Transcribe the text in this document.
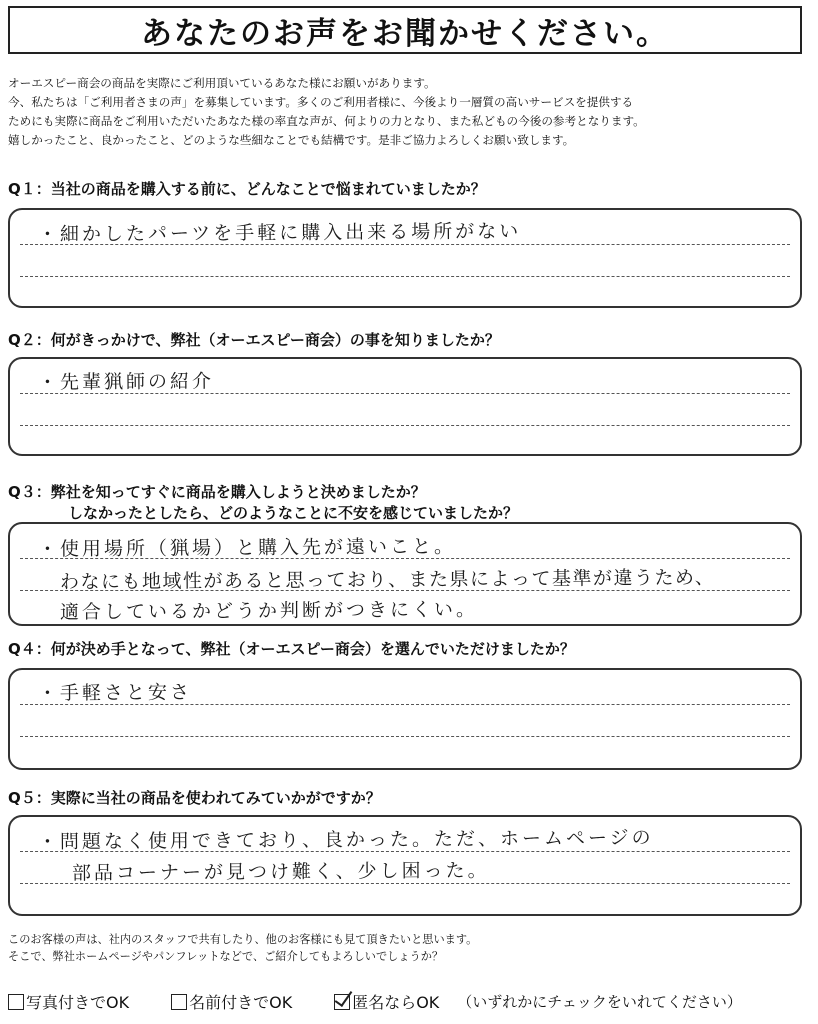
あなたのお声をお聞かせください。
オーエスピー商会の商品を実際にご利用頂いているあなた様にお願いがあります。
今、私たちは「ご利用者さまの声」を募集しています。多くのご利用者様に、今後より一層質の高いサービスを提供する
ためにも実際に商品をご利用いただいたあなた様の率直な声が、何よりの力となり、また私どもの今後の参考となります。
嬉しかったこと、良かったこと、どのような些細なことでも結構です。是非ご協力よろしくお願い致します。
Q１：当社の商品を購入する前に、どんなことで悩まれていましたか？
・細かしたパーツを手軽に購入出来る場所がない
Q２：何がきっかけで、弊社（オーエスピー商会）の事を知りましたか？
・先輩猟師の紹介
Q３：弊社を知ってすぐに商品を購入しようと決めましたか？
しなかったとしたら、どのようなことに不安を感じていましたか？
・使用場所（猟場）と購入先が遠いこと。
わなにも地域性があると思っており、また県によって基準が違うため、
適合しているかどうか判断がつきにくい。
Q４：何が決め手となって、弊社（オーエスピー商会）を選んでいただけましたか？
・手軽さと安さ
Q５：実際に当社の商品を使われてみていかがですか？
・問題なく使用できており、良かった。ただ、ホームページの
部品コーナーが見つけ難く、少し困った。
このお客様の声は、社内のスタッフで共有したり、他のお客様にも見て頂きたいと思います。
そこで、弊社ホームページやパンフレットなどで、ご紹介してもよろしいでしょうか？
写真付きでOK	名前付きでOK	匿名ならOK （いずれかにチェックをいれてください）
